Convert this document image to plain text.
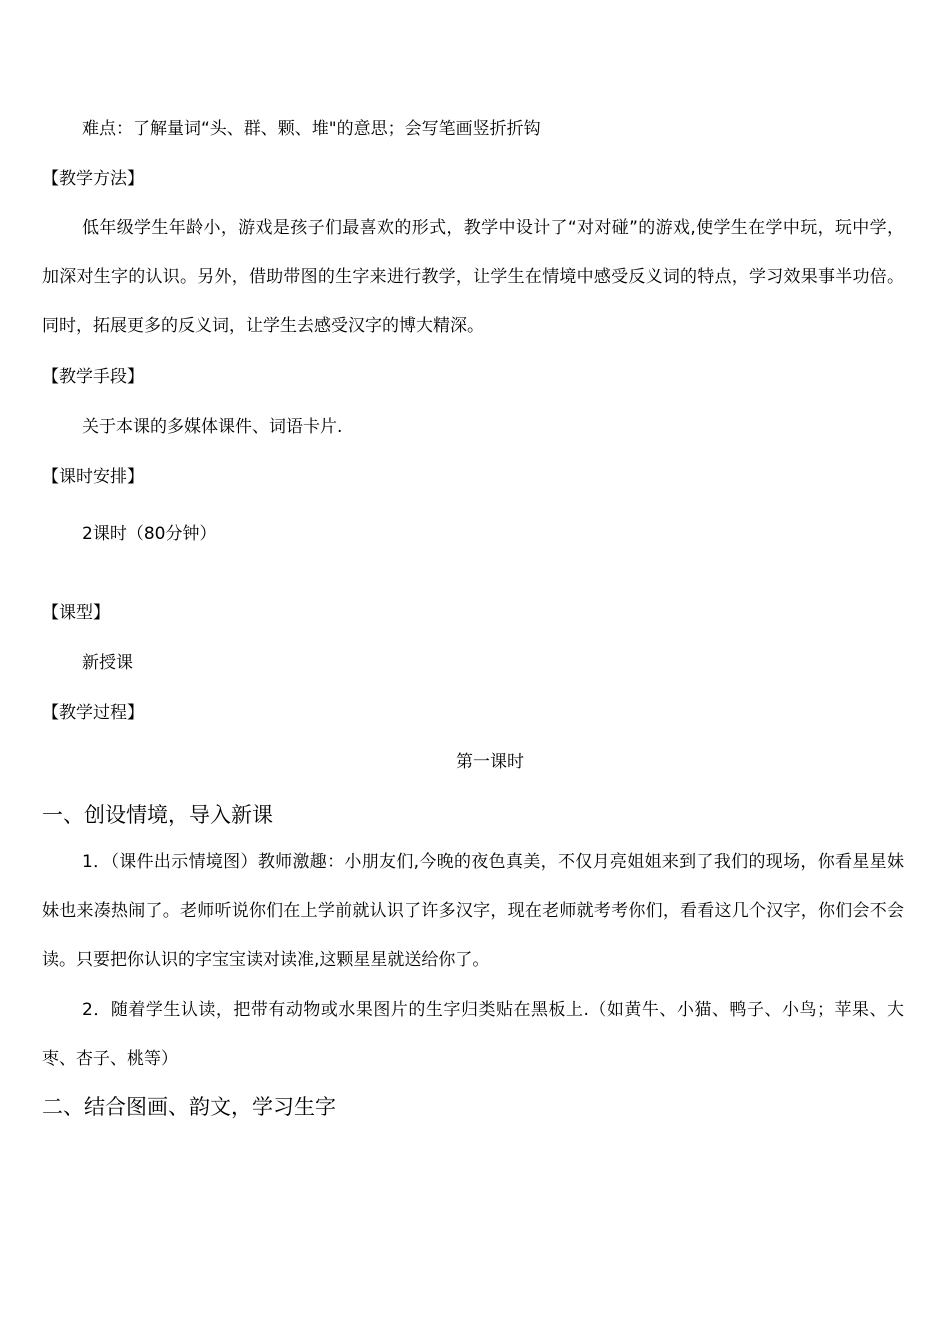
难点：了解量词“头、群、颗、堆"的意思；会写笔画竖折折钩
【教学方法】
低年级学生年龄小，游戏是孩子们最喜欢的形式，教学中设计了“对对碰”的游戏,使学生在学中玩，玩中学，加深对生字的认识。另外，借助带图的生字来进行教学，让学生在情境中感受反义词的特点，学习效果事半功倍。同时，拓展更多的反义词，让学生去感受汉字的博大精深。
【教学手段】
关于本课的多媒体课件、词语卡片.
【课时安排】
2课时（80分钟）
【课型】
新授课
【教学过程】
第一课时
一、创设情境，导入新课
1．（课件出示情境图）教师激趣：小朋友们,今晚的夜色真美，不仅月亮姐姐来到了我们的现场，你看星星妹妹也来凑热闹了。老师听说你们在上学前就认识了许多汉字，现在老师就考考你们，看看这几个汉字，你们会不会读。只要把你认识的字宝宝读对读准,这颗星星就送给你了。
2．随着学生认读，把带有动物或水果图片的生字归类贴在黑板上.（如黄牛、小猫、鸭子、小鸟；苹果、大枣、杏子、桃等）
二、结合图画、韵文，学习生字
